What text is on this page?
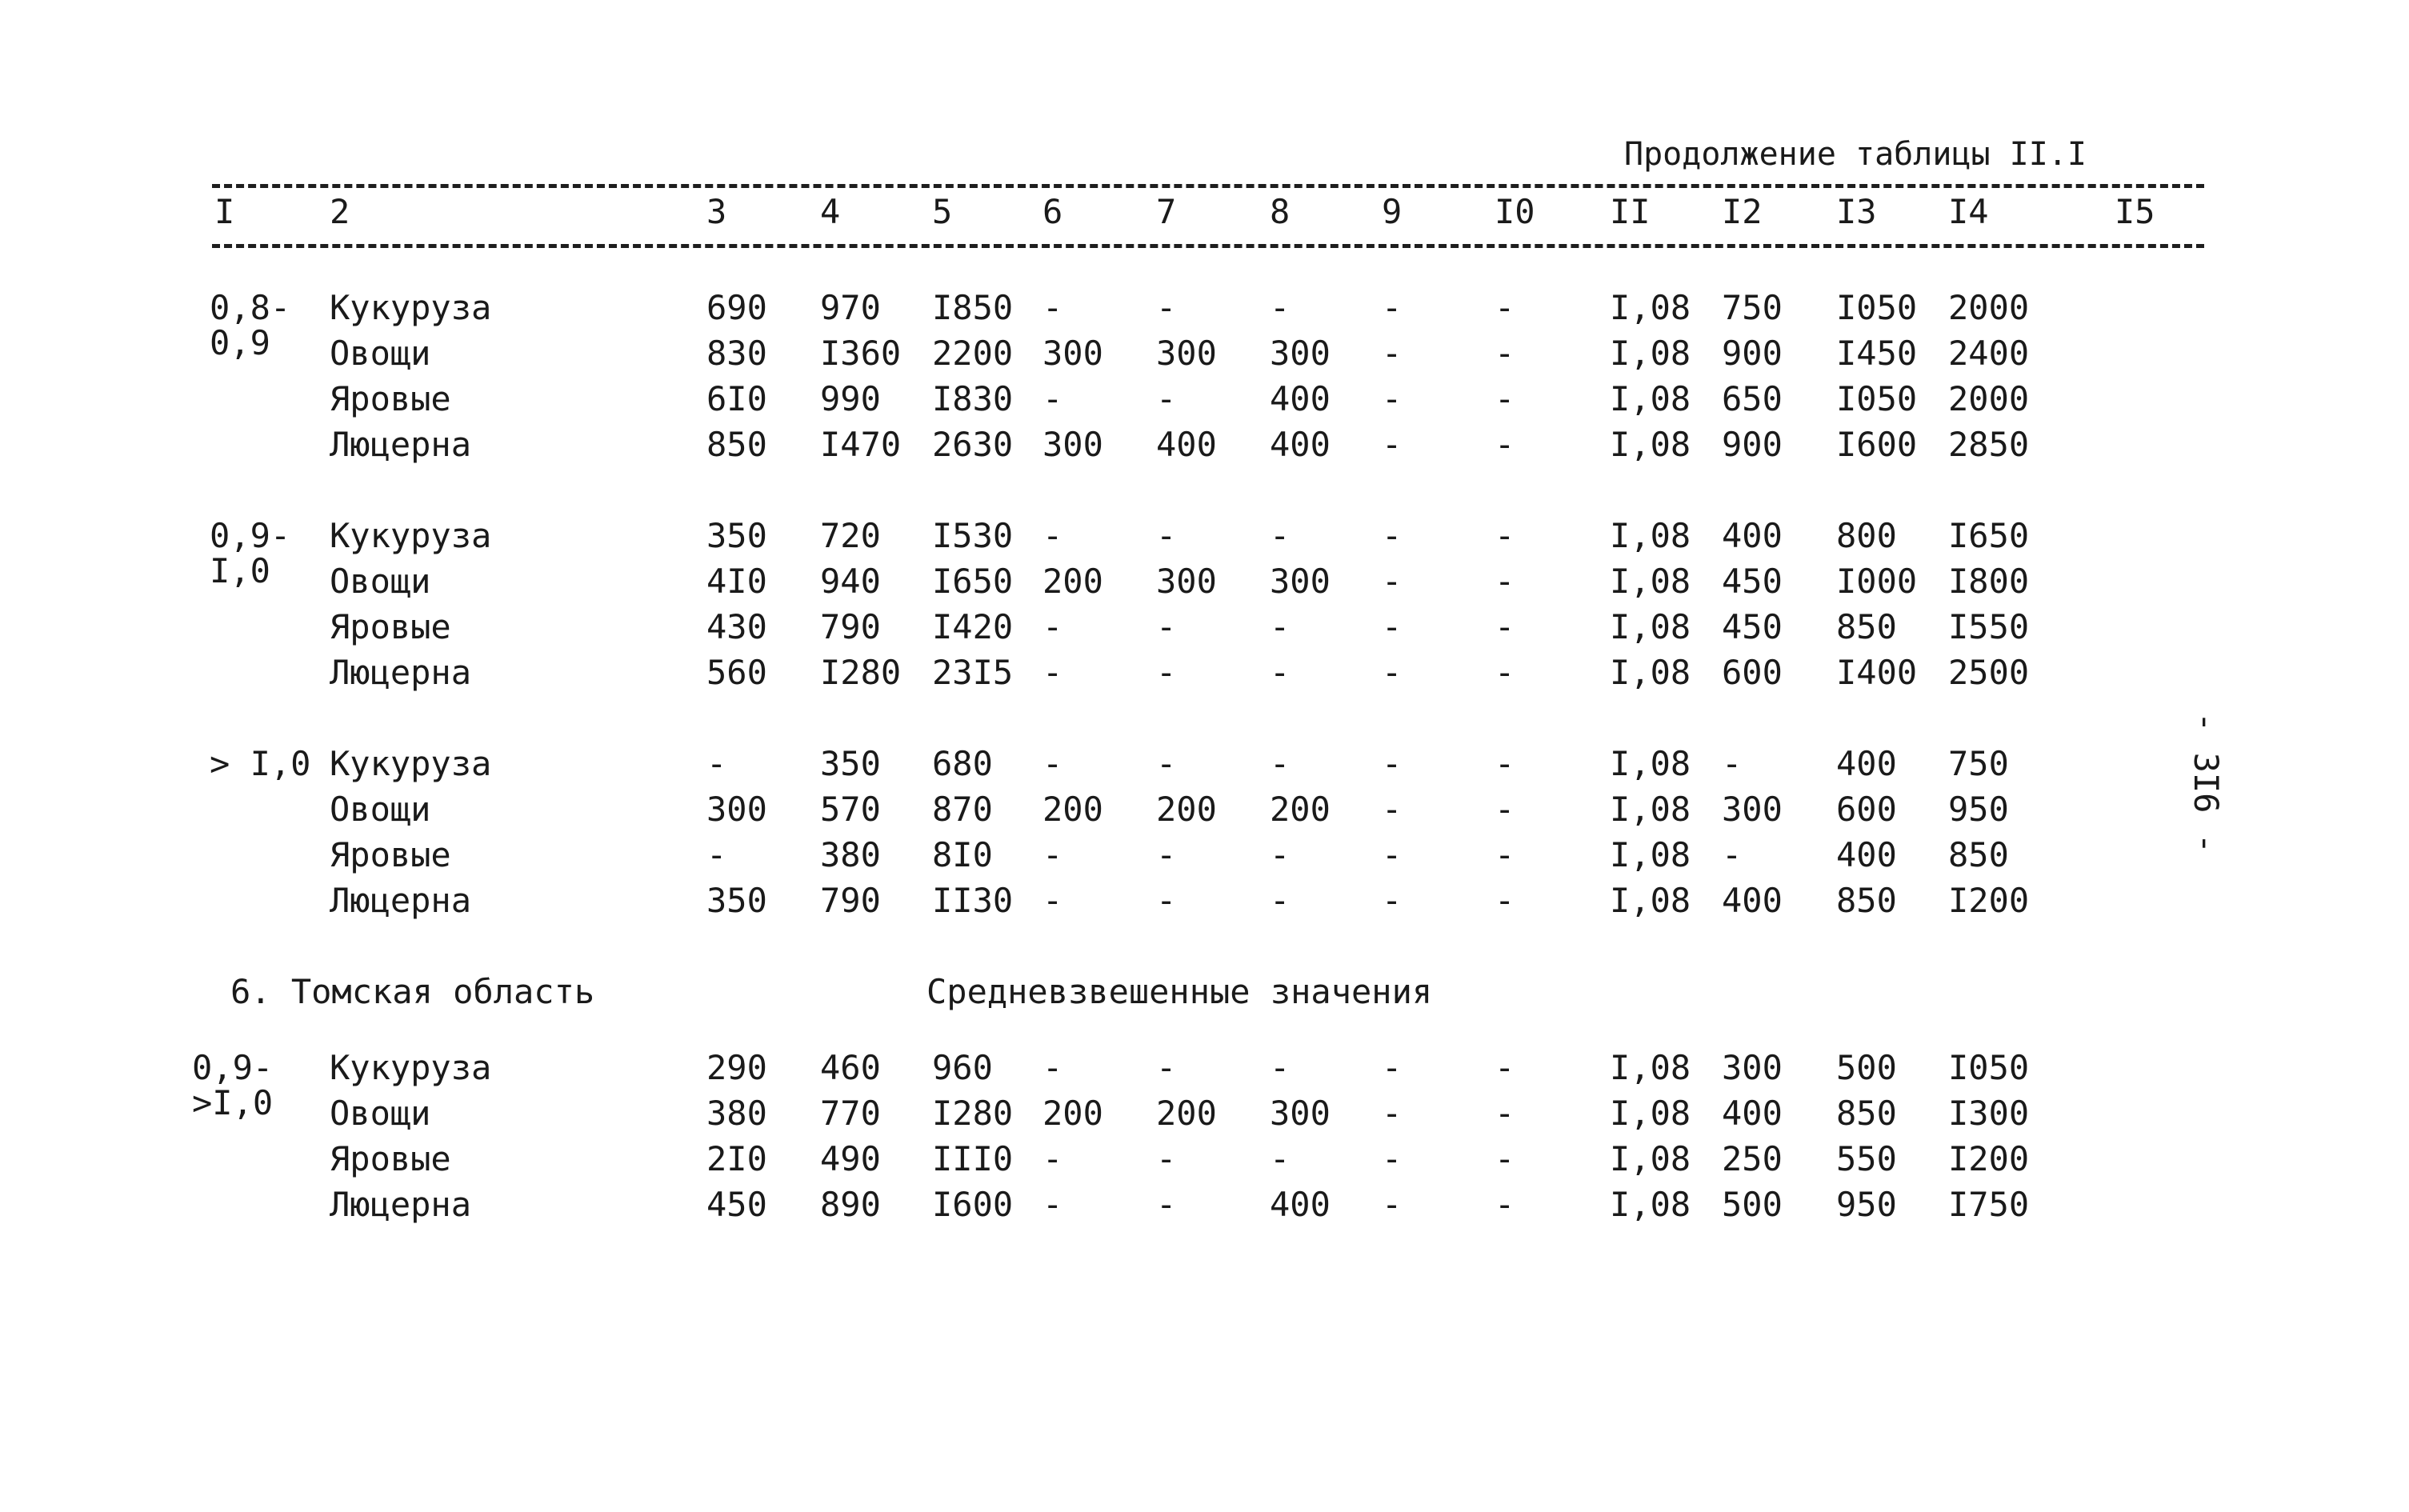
Продолжение таблицы II.I
I	2	3	4	5	6	7	8	9	I0 II I2 I3 I4	I5
0,8-
0,9
Кукуруза	690 970 I850 -	-	-	-	-	I,08 750 I050 2000
Овощи	830 I360 2200 300 300 300 -	-	I,08 900 I450 2400
Яровые	6I0 990 I830 -	-	400 -	-	I,08 650 I050 2000
Люцерна	850 I470 2630 300 400 400 -	-	I,08 900 I600 2850
0,9-
I,0
Кукуруза	350 720 I530 -	-	-	-	-	I,08 400 800 I650
Овощи	4I0 940 I650 200 300 300 -	-	I,08 450 I000 I800
Яровые	430 790 I420 -	-	-	-	-	I,08 450 850 I550
Люцерна	560 I280 23I5 -	-	-	-	-	I,08 600 I400 2500
> I,0 Кукуруза	-	350 680 -	-	-	-	-	I,08 -	400 750
Овощи	300 570 870 200 200 200 -	-	I,08 300 600 950
Яровые	-	380 8I0 -	-	-	-	-	I,08 -	400 850
Люцерна	350 790 II30 -	-	-	-	-	I,08 400 850 I200
0,9-
>I,0
Кукуруза	290 460 960 -	-	-	-	-	I,08 300 500 I050
Овощи	380 770 I280 200 200 300 -	-	I,08 400 850 I300
Яровые	2I0 490 III0 -	-	-	-	-	I,08 250 550 I200
Люцерна	450 890 I600 -	-	400 -	-	I,08 500 950 I750
6. Томская область	Средневзвешенные значения
- 3I6 -
